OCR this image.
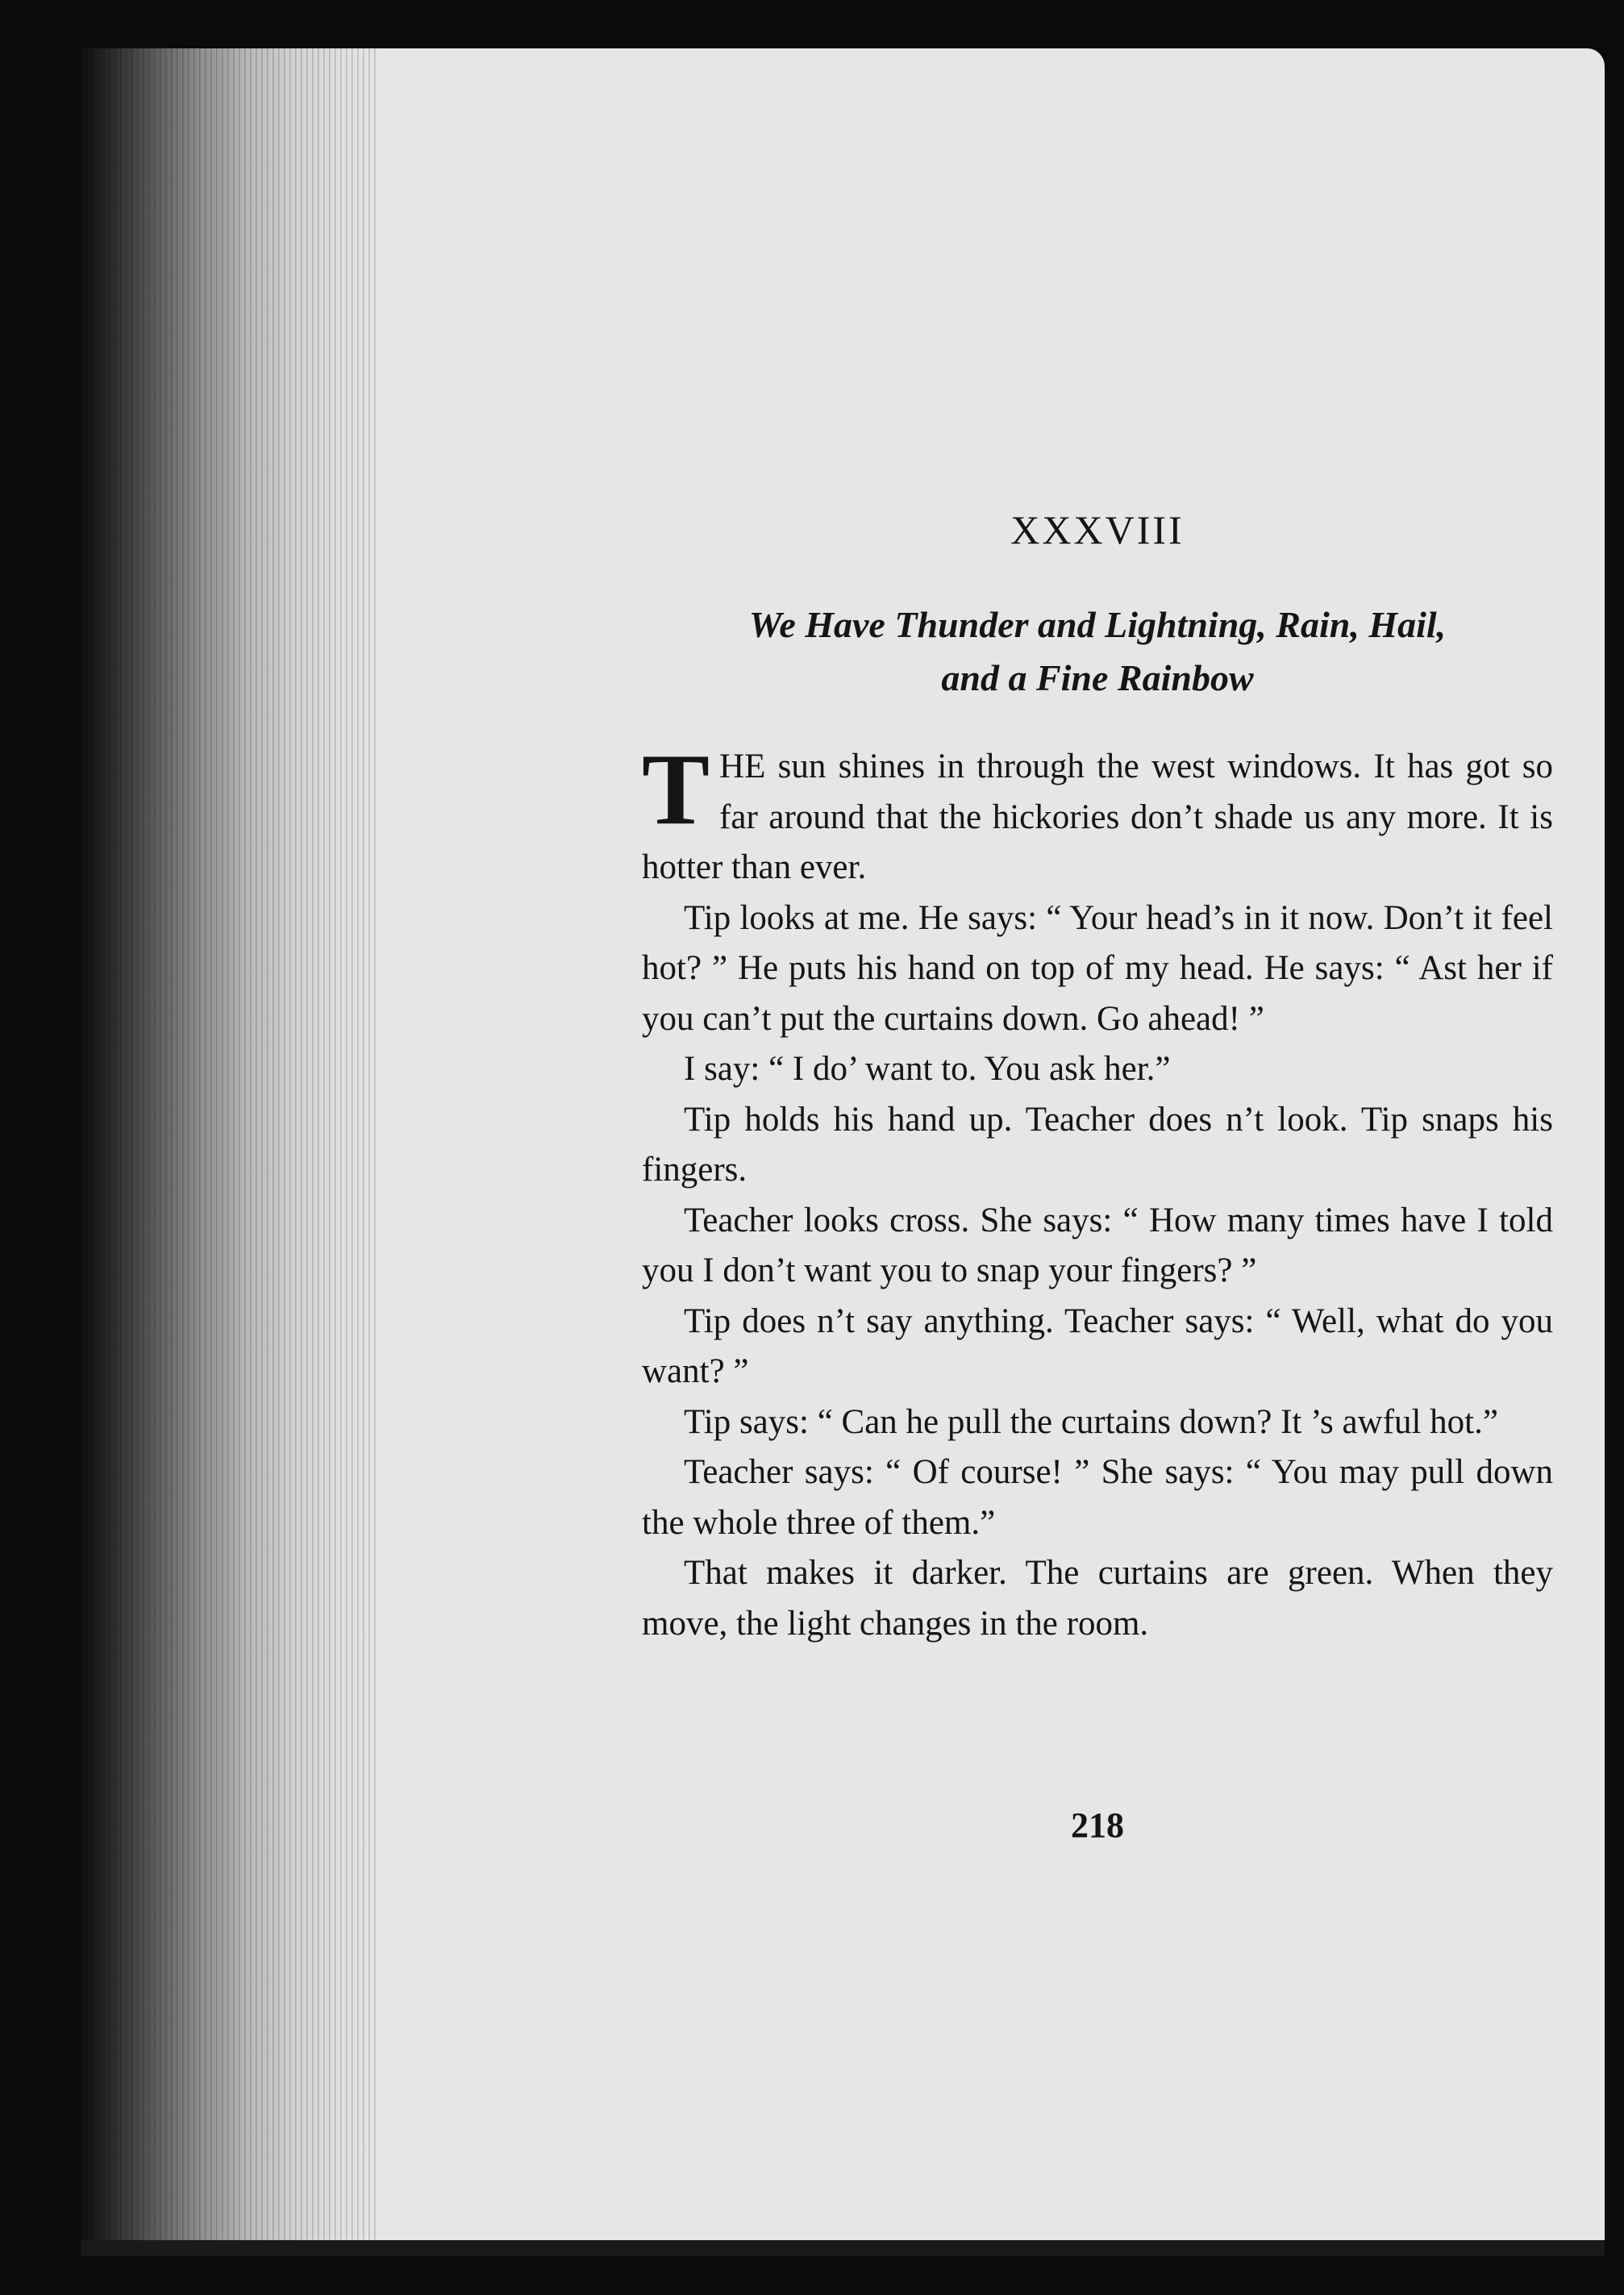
XXXVIII
We Have Thunder and Lightning, Rain, Hail,
and a Fine Rainbow

THE sun shines in through the west windows. It has got so far around that the hickories don’t shade us any more. It is hotter than ever.

Tip looks at me. He says: “ Your head’s in it now. Don’t it feel hot? ” He puts his hand on top of my head. He says: “ Ast her if you can’t put the curtains down. Go ahead! ”

I say: “ I do’ want to. You ask her.”

Tip holds his hand up. Teacher does n’t look. Tip snaps his fingers.

Teacher looks cross. She says: “ How many times have I told you I don’t want you to snap your fingers? ”

Tip does n’t say anything. Teacher says: “ Well, what do you want? ”

Tip says: “ Can he pull the curtains down? It ’s awful hot.”

Teacher says: “ Of course! ” She says: “ You may pull down the whole three of them.”

That makes it darker. The curtains are green. When they move, the light changes in the room.

218
